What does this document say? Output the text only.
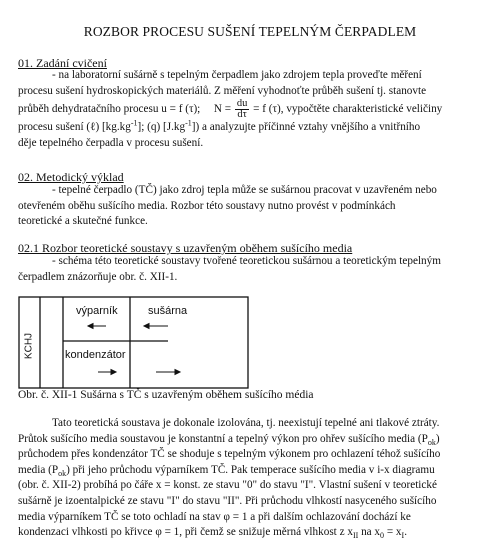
ROZBOR PROCESU SUŠENÍ TEPELNÝM ČERPADLEM
01. Zadání cvičení
- na laboratorní sušárně s tepelným čerpadlem jako zdrojem tepla proveďte měření
procesu sušení hydroskopických materiálů. Z měření vyhodnoťte průběh sušení tj. stanovte
průběh dehydratačního procesu u = f (τ); $N = \frac{du}{d\tau} = f$ (τ), vypočtěte charakteristické veličiny
procesu sušení (ℓ) $[kg.kg^{-1}]$; (q) $[J.kg^{-1}]$) a analyzujte příčinné vztahy vnějšího a vnitřního
děje tepelného čerpadla v procesu sušení.
02. Metodický výklad
- tepelné čerpadlo (TČ) jako zdroj tepla může se sušárnou pracovat v uzavřeném nebo
otevřeném oběhu sušícího media. Rozbor této soustavy nutno provést v podmínkách
teoretické a skutečné funkce.
02.1 Rozbor teoretické soustavy s uzavřeným oběhem sušícího media
- schéma této teoretické soustavy tvořené teoretickou sušárnou a teoretickým tepelným
čerpadlem znázorňuje obr. č. XII-1.
KCHJ
výparník	sušárna
kondenzátor
Obr. č. XII-1 Sušárna s TČ s uzavřeným oběhem sušícího média
Tato teoretická soustava je dokonale izolována, tj. neexistují tepelné ani tlakové ztráty.
Průtok sušícího media soustavou je konstantní a tepelný výkon pro ohřev sušícího media $(P_{ok})$
průchodem přes kondenzátor TČ se shoduje s tepelným výkonem pro ochlazení téhož sušícího
media $(P_{ok})$ při jeho průchodu výparníkem TČ. Pak temperace sušícího media v i-x diagramu
(obr. č. XII-2) probíhá po čáře x = konst. ze stavu "0" do stavu "I". Vlastní sušení v teoretické
sušárně je izoentalpické ze stavu "I" do stavu "II". Při průchodu vlhkostí nasyceného sušícího
media výparníkem TČ se toto ochladí na stav φ = 1 a při dalším ochlazování dochází ke
kondenzaci vlhkosti po křivce φ = 1, při čemž se snižuje měrná vlhkost z $x_{II}$ na $x_0 = x_I$.
